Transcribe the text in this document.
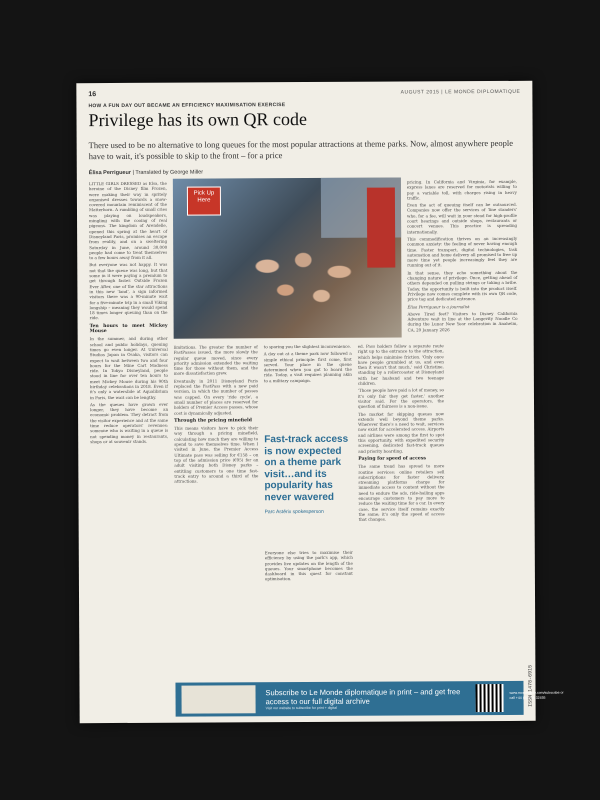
16	AUGUST 2015 | LE MONDE DIPLOMATIQUE
HOW A FUN DAY OUT BECAME AN EFFICIENCY MAXIMISATION EXERCISE
Privilege has its own QR code
There used to be no alternative to long queues for the most popular attractions at theme parks. Now, almost anywhere people have to wait, it's possible to skip to the front – for a price
Élisa Perrigueur | Translated by George Miller

LITTLE GIRLS DRESSED as Elsa, the heroine of the Disney film Frozen, were making their way in spritely organised dresses towards a snow-covered mountain reminiscent of the Matterhorn. A rumbling of small cries was playing on loudspeakers, mingling with the cooing of real pigeons. The kingdom of Arendelle, opened this spring at the heart of Disneyland Paris, promises an escape from reality, and on a sweltering Saturday in June, around 30,000 people had come to treat themselves to a few hours away from it all.

But everyone was not happy. It was not that the queue was long, but that some in it were paying a premium to get through faster. Outside Frozen Ever After, one of the star attractions in this new 'land', a sign informed visitors there was a 90-minute wait for a five-minute trip in a small Viking longship – meaning they would spend 18 times longer queuing than on the ride.

Ten hours to meet Mickey Mouse

In the summer, and during other school and public holidays, queuing times go even longer. At Universal Studios Japan in Osaka, visitors can expect to wait between two and four hours for the Mine Cart Madness ride. In Tokyo Disneyland, people stood in line for over ten hours to meet Mickey Mouse during his 90th birthday celebrations in 2018. Even if it's only a waterslide at Aqualibrium in Paris, the wait can be lengthy.

As the queues have grown ever longer, they have become an economic problem. They detract from the visitor experience and at the same time reduce operators' revenues: someone who is waiting in a queue is not spending money in restaurants, shops or at souvenir stands.

Pick Up Here

limitations. The greater the number of FastPasses issued, the more slowly the regular queue moved, since every priority admission extended the waiting time for those without them, and the more dissatisfaction grew.

Eventually in 2011 Disneyland Paris replaced the FastPass with a new paid version, in which the number of passes was capped. On every 'ride cycle', a small number of places are reserved for holders of Premier Access passes, whose cost is dynamically adjusted.

Through the pricing minefield

This means visitors have to pick their way through a pricing minefield, calculating how much they are willing to spend to save themselves time. When I visited in June, the Premier Access Ultimate pass was selling for €158 – on top of the admission price (€95) for an adult visiting both Disney parks – entitling customers to one time fast-track entry to around a third of the attractions.

to sparing you the slightest inconvenience.

A day out at a theme park now followed a simple ethical principle: first come, first served. Your place in the queue determined when you got to board the ride. Today, a visit requires planning akin to a military campaign.

Fast-track access is now expected on a theme park visit…and its popularity has never wavered
Parc Astérix spokesperson

Everyone else tries to maximise their efficiency by using the park's app, which provides live updates on the length of the queues. Your smartphone becomes the dashboard in this quest for constant optimisation.

ed. Pass holders follow a separate route right up to the entrance to the attraction, which helps minimise friction. 'Only once have people grumbled at us, and even then it wasn't that much,' said Christine, standing by a rollercoaster at Disneyland with her husband and two teenage children.

'Those people have paid a lot of money, so it's only fair they get faster,' another visitor said. For the operators, the question of fairness is a non-issue.

The market for skipping queues now extends well beyond theme parks. Wherever there's a need to wait, services now exist for accelerated access. Airports and airlines were among the first to spot this opportunity, with expedited security screening, dedicated fast-track queues and priority boarding.

Paying for speed of access

The same trend has spread to more routine services: online retailers sell subscriptions for faster delivery, streaming platforms charge for immediate access to content without the need to endure the ads, ride-hailing apps encourage customers to pay more to reduce the waiting time for a car. In every case, the service itself remains exactly the same; it's only the speed of access that changes.

pricing. In California and Virginia, for example, express lanes are reserved for motorists willing to pay a variable toll, with charges rising in heavy traffic.

Even the act of queuing itself can be outsourced. Companies now offer the services of 'line standers' who, for a fee, will wait in your stead for high-profile court hearings and outside shops, restaurants or concert venues. This practice is spreading internationally.

This commodification thrives on an increasingly common anxiety: the feeling of never having enough time. Faster transport, digital technologies, task automation and home delivery all promised to free up more time yet people increasingly feel they are running out of it.

In that sense, they echo something about the changing nature of privilege. Once, getting ahead of others depended on pulling strings or taking a bribe. Today, the opportunity is built into the product itself. Privilege now comes complete with its own QR code, price tag and dedicated entrance.

Élisa Perrigueur is a journalist

Above Tired feet? Visitors to Disney California Adventure wait in line at the Longevity Noodle Co during the Lunar New Year celebration in Anaheim, CA, 29 January 2026

Subscribe to Le Monde diplomatique in print – and get free access to our full digital archive
Visit our website to subscribe for print + digital
www.mondediplo.com/subscribe or call +44 (0)1635 32455
ISSN 1478-6915
